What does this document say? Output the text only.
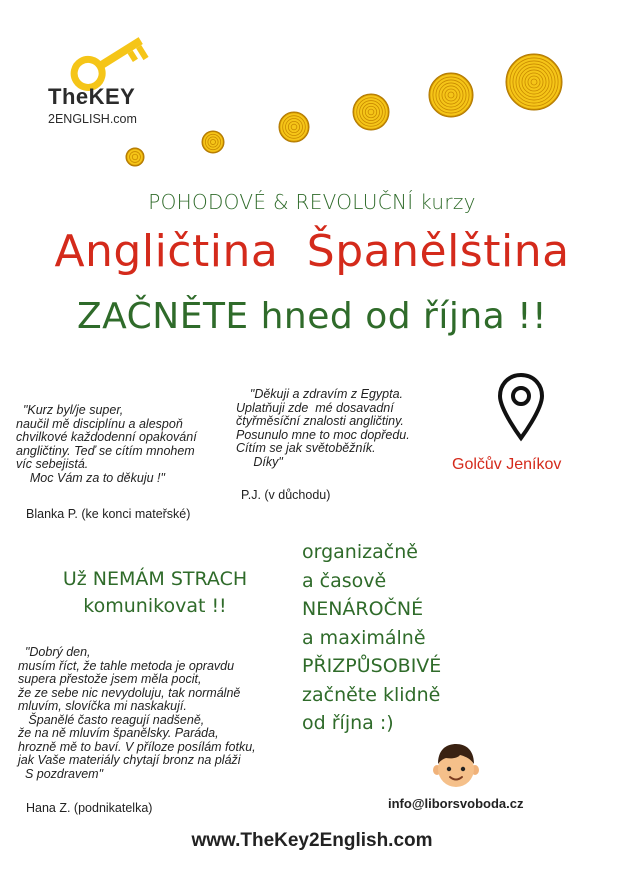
TheKEY
2ENGLISH.com
POHODOVÉ & REVOLUČNÍ kurzy
Angličtina Španělština
ZAČNĚTE hned od října !!
"Kurz byl/je super,
naučil mě disciplínu a alespoň
chvilkové každodenní opakování
angličtiny. Teď se cítím mnohem
víc sebejistá.
Moc Vám za to děkuju !"
Blanka P. (ke konci mateřské)
"Děkuji a zdravím z Egypta.
Uplatňuji zde  mé dosavadní
čtyřměsíční znalosti angličtiny.
Posunulo mne to moc dopředu.
Cítím se jak světoběžník.
Díky"
P.J. (v důchodu)
Golčův Jeníkov
Už NEMÁM STRACH
komunikovat !!
organizačně
a časově
NENÁROČNÉ
a maximálně
PŘIZPŮSOBIVÉ
začněte klidně
od října :)
"Dobrý den,
musím říct, že tahle metoda je opravdu
supera přestože jsem měla pocit,
že ze sebe nic nevydoluju, tak normálně
mluvím, slovíčka mi naskakují.
Španělé často reagují nadšeně,
že na ně mluvím španělsky. Paráda,
hrozně mě to baví. V příloze posílám fotku,
jak Vaše materiály chytají bronz na pláži
S pozdravem"
Hana Z. (podnikatelka)	info@liborsvoboda.cz
www.TheKey2English.com
